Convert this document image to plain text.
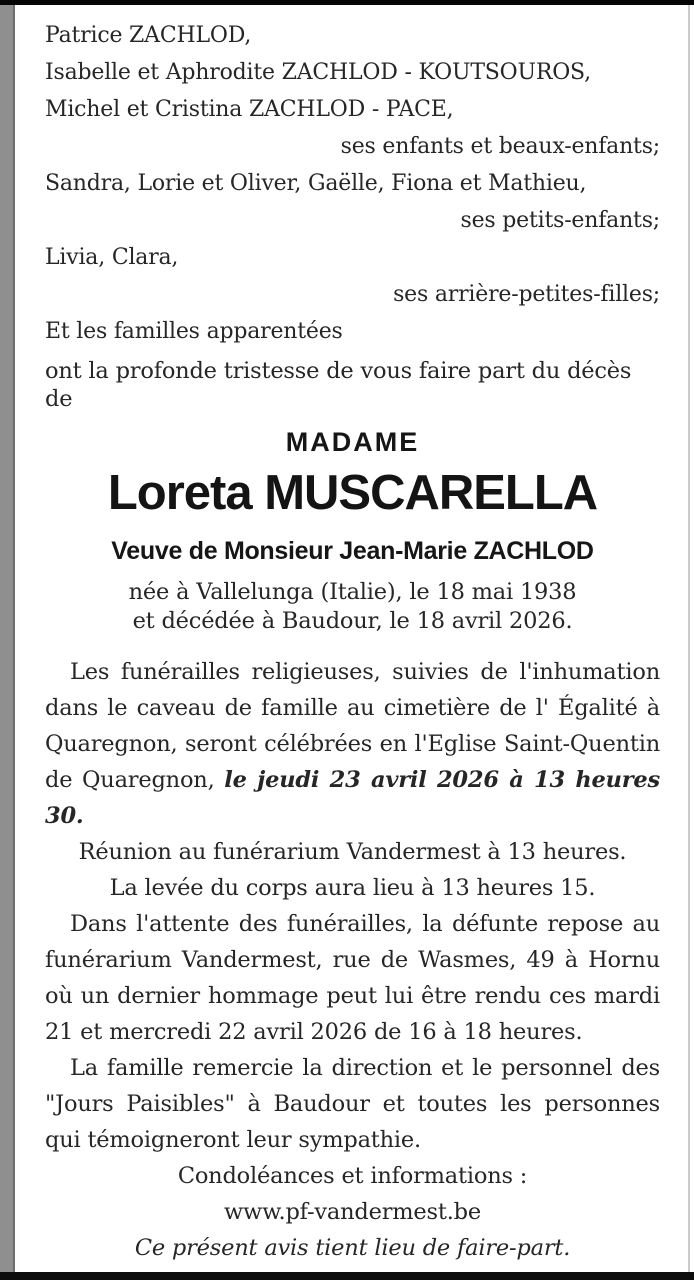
Patrice ZACHLOD,

Isabelle et Aphrodite ZACHLOD - KOUTSOUROS,

Michel et Cristina ZACHLOD - PACE,

ses enfants et beaux-enfants;

Sandra, Lorie et Oliver, Gaëlle, Fiona et Mathieu,

ses petits-enfants;

Livia, Clara,

ses arrière-petites-filles;

Et les familles apparentées

ont la profonde tristesse de vous faire part du décès de

MADAME
Loreta MUSCARELLA
Veuve de Monsieur Jean-Marie ZACHLOD

née à Vallelunga (Italie), le 18 mai 1938

et décédée à Baudour, le 18 avril 2026.

Les funérailles religieuses, suivies de l'inhumation dans le caveau de famille au cimetière de l' Égalité à Quaregnon, seront célébrées en l'Eglise Saint-Quentin de Quaregnon, le jeudi 23 avril 2026 à 13 heures 30.

Réunion au funérarium Vandermest à 13 heures.

La levée du corps aura lieu à 13 heures 15.

Dans l'attente des funérailles, la défunte repose au funérarium Vandermest, rue de Wasmes, 49 à Hornu où un dernier hommage peut lui être rendu ces mardi 21 et mercredi 22 avril 2026 de 16 à 18 heures.

La famille remercie la direction et le personnel des "Jours Paisibles" à Baudour et toutes les personnes qui témoigneront leur sympathie.

Condoléances et informations :

www.pf-vandermest.be

Ce présent avis tient lieu de faire-part.
